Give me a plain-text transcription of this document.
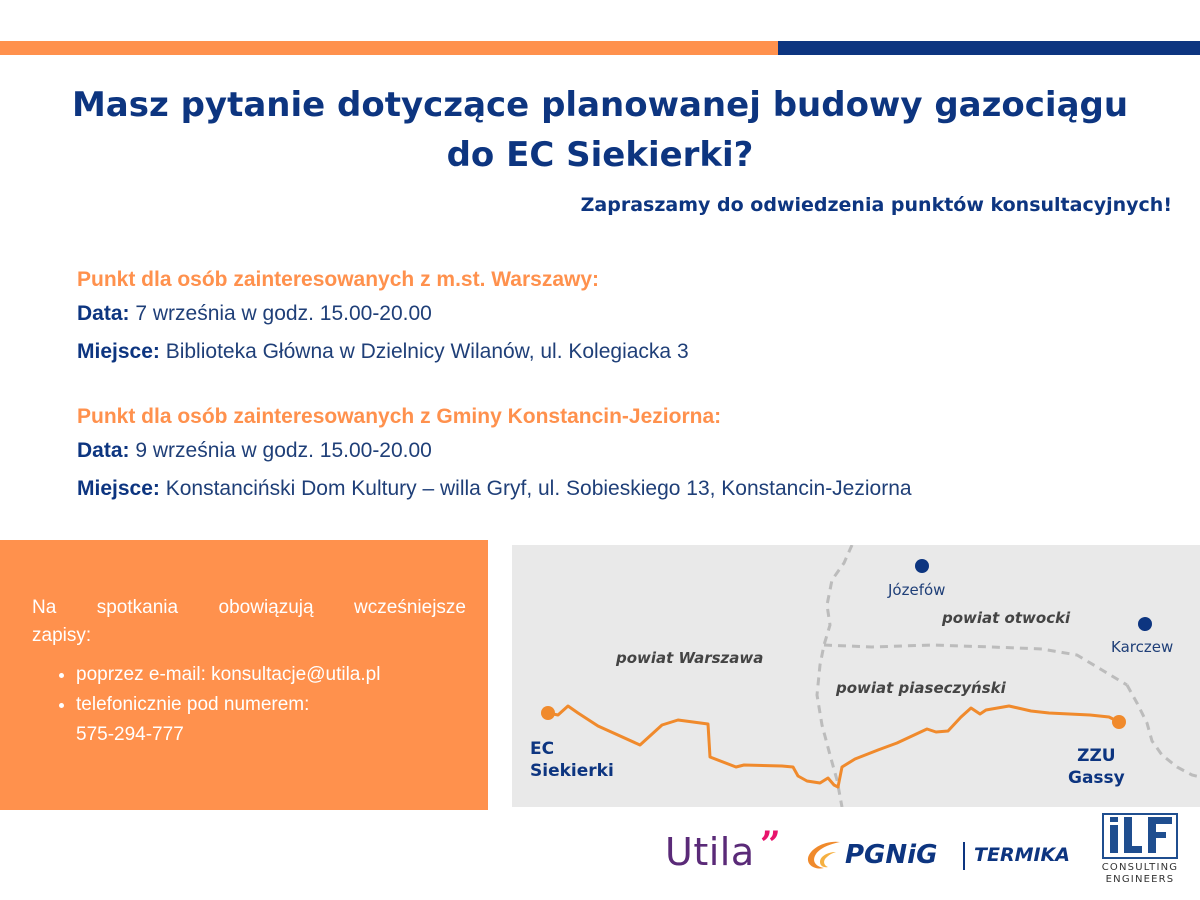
Masz pytanie dotyczące planowanej budowy gazociągu
do EC Siekierki?

Zapraszamy do odwiedzenia punktów konsultacyjnych!

Punkt dla osób zainteresowanych z m.st. Warszawy:
Data: 7 września w godz. 15.00-20.00
Miejsce: Biblioteka Główna w Dzielnicy Wilanów, ul. Kolegiacka 3
Punkt dla osób zainteresowanych z Gminy Konstancin-Jeziorna:
Data: 9 września w godz. 15.00-20.00
Miejsce: Konstanciński Dom Kultury – willa Gryf, ul. Sobieskiego 13, Konstancin-Jeziorna
Na spotkania obowiązują wcześniejsze
zapisy:
• poprzez e-mail: konsultacje@utila.pl
• telefonicznie pod numerem:
575-294-777
Józefów
Karczew
powiat otwocki
powiat Warszawa
powiat piaseczyński
EC
Siekierki
ZZU
Gassy
Utila ” PGNiG TERMIKA
CONSULTING
ENGINEERS
